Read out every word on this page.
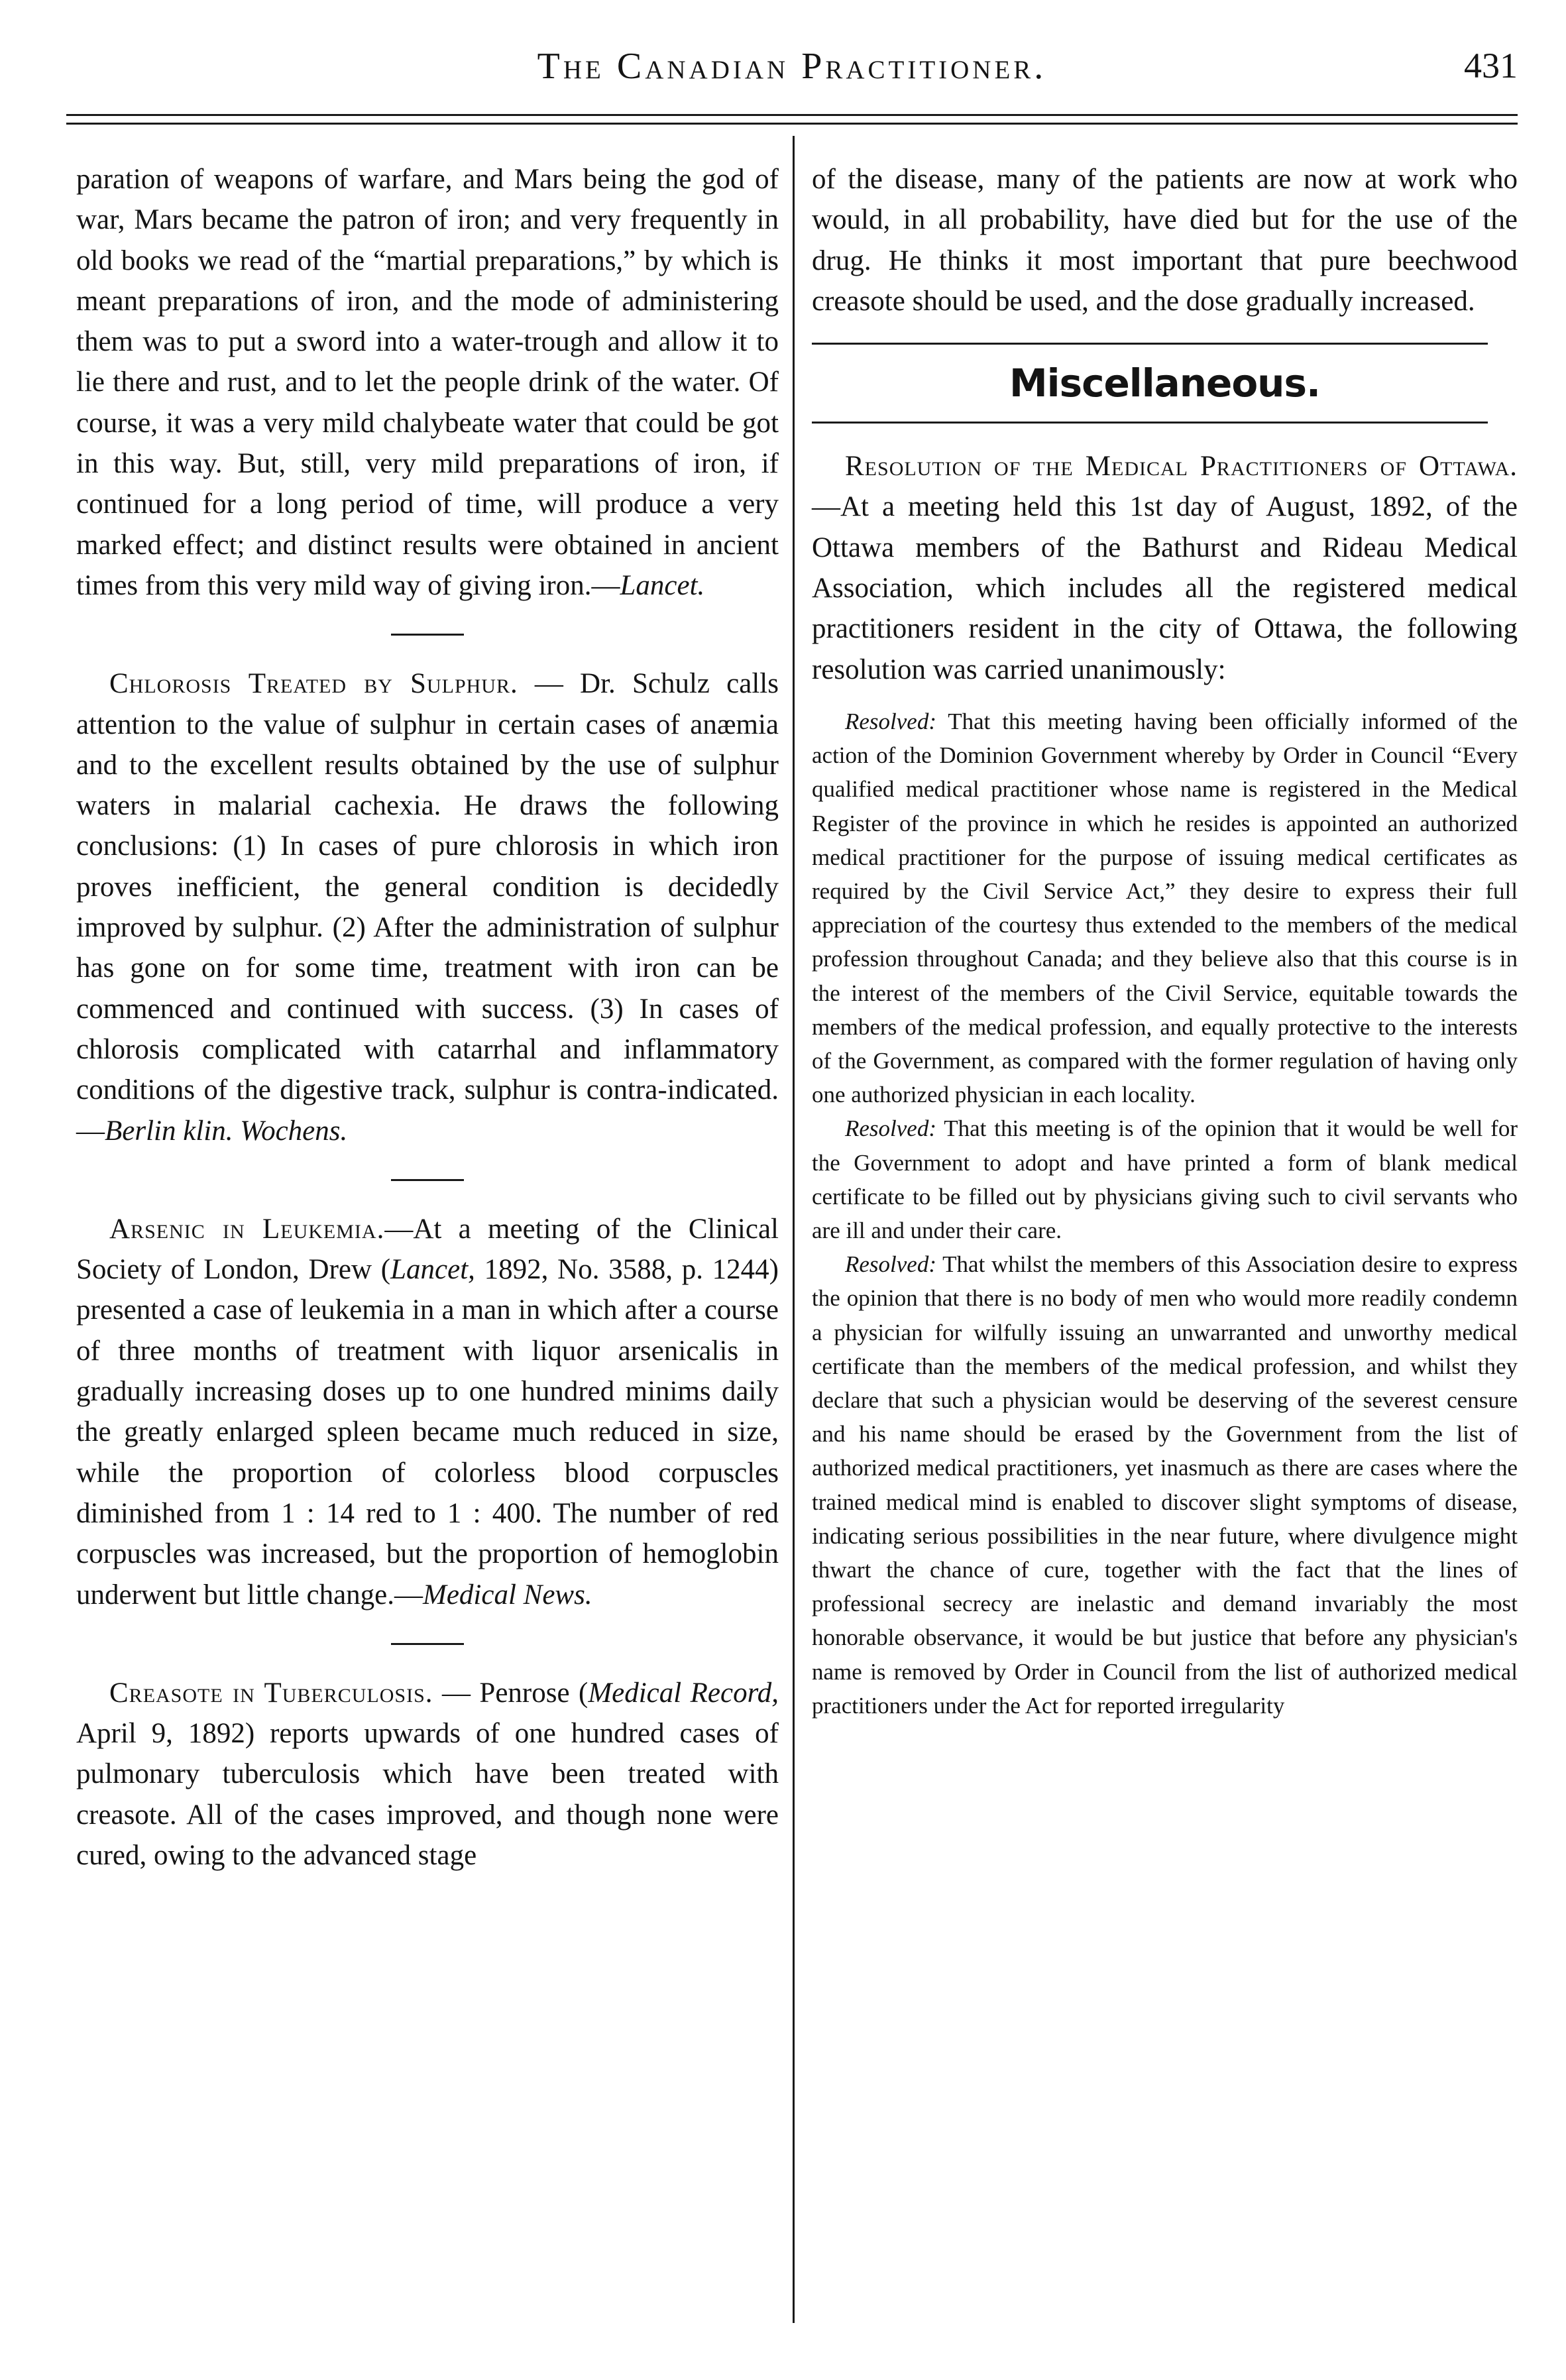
The Canadian Practitioner.	431

paration of weapons of warfare, and Mars being the god of war, Mars became the patron of iron; and very frequently in old books we read of the “martial preparations,” by which is meant preparations of iron, and the mode of administering them was to put a sword into a water-trough and allow it to lie there and rust, and to let the people drink of the water. Of course, it was a very mild chalybeate water that could be got in this way. But, still, very mild preparations of iron, if continued for a long period of time, will produce a very marked effect; and distinct results were obtained in ancient times from this very mild way of giving iron.—Lancet.

Chlorosis Treated by Sulphur. — Dr. Schulz calls attention to the value of sulphur in certain cases of anæmia and to the excellent results obtained by the use of sulphur waters in malarial cachexia. He draws the following conclusions: (1) In cases of pure chlorosis in which iron proves inefficient, the general condition is decidedly improved by sulphur. (2) After the administration of sulphur has gone on for some time, treatment with iron can be commenced and continued with success. (3) In cases of chlorosis complicated with catarrhal and inflammatory conditions of the digestive track, sulphur is contra-indicated.—Berlin klin. Wochens.

Arsenic in Leukemia.—At a meeting of the Clinical Society of London, Drew (Lancet, 1892, No. 3588, p. 1244) presented a case of leukemia in a man in which after a course of three months of treatment with liquor arsenicalis in gradually increasing doses up to one hundred minims daily the greatly enlarged spleen became much reduced in size, while the proportion of colorless blood corpuscles diminished from 1 : 14 red to 1 : 400. The number of red corpuscles was increased, but the proportion of hemoglobin underwent but little change.—Medical News.

Creasote in Tuberculosis. — Penrose (Medical Record, April 9, 1892) reports upwards of one hundred cases of pulmonary tuberculosis which have been treated with creasote. All of the cases improved, and though none were cured, owing to the advanced stage

of the disease, many of the patients are now at work who would, in all probability, have died but for the use of the drug. He thinks it most important that pure beechwood creasote should be used, and the dose gradually increased.

Miscellaneous.

Resolution of the Medical Practitioners of Ottawa.—At a meeting held this 1st day of August, 1892, of the Ottawa members of the Bathurst and Rideau Medical Association, which includes all the registered medical practitioners resident in the city of Ottawa, the following resolution was carried unanimously:

Resolved: That this meeting having been officially informed of the action of the Dominion Government whereby by Order in Council “Every qualified medical practitioner whose name is registered in the Medical Register of the province in which he resides is appointed an authorized medical practitioner for the purpose of issuing medical certificates as required by the Civil Service Act,” they desire to express their full appreciation of the courtesy thus extended to the members of the medical profession throughout Canada; and they believe also that this course is in the interest of the members of the Civil Service, equitable towards the members of the medical profession, and equally protective to the interests of the Government, as compared with the former regulation of having only one authorized physician in each locality.

Resolved: That this meeting is of the opinion that it would be well for the Government to adopt and have printed a form of blank medical certificate to be filled out by physicians giving such to civil servants who are ill and under their care.

Resolved: That whilst the members of this Association desire to express the opinion that there is no body of men who would more readily condemn a physician for wilfully issuing an unwarranted and unworthy medical certificate than the members of the medical profession, and whilst they declare that such a physician would be deserving of the severest censure and his name should be erased by the Government from the list of authorized medical practitioners, yet inasmuch as there are cases where the trained medical mind is enabled to discover slight symptoms of disease, indicating serious possibilities in the near future, where divulgence might thwart the chance of cure, together with the fact that the lines of professional secrecy are inelastic and demand invariably the most honorable observance, it would be but justice that before any physician's name is removed by Order in Council from the list of authorized medical practitioners under the Act for reported irregularity
